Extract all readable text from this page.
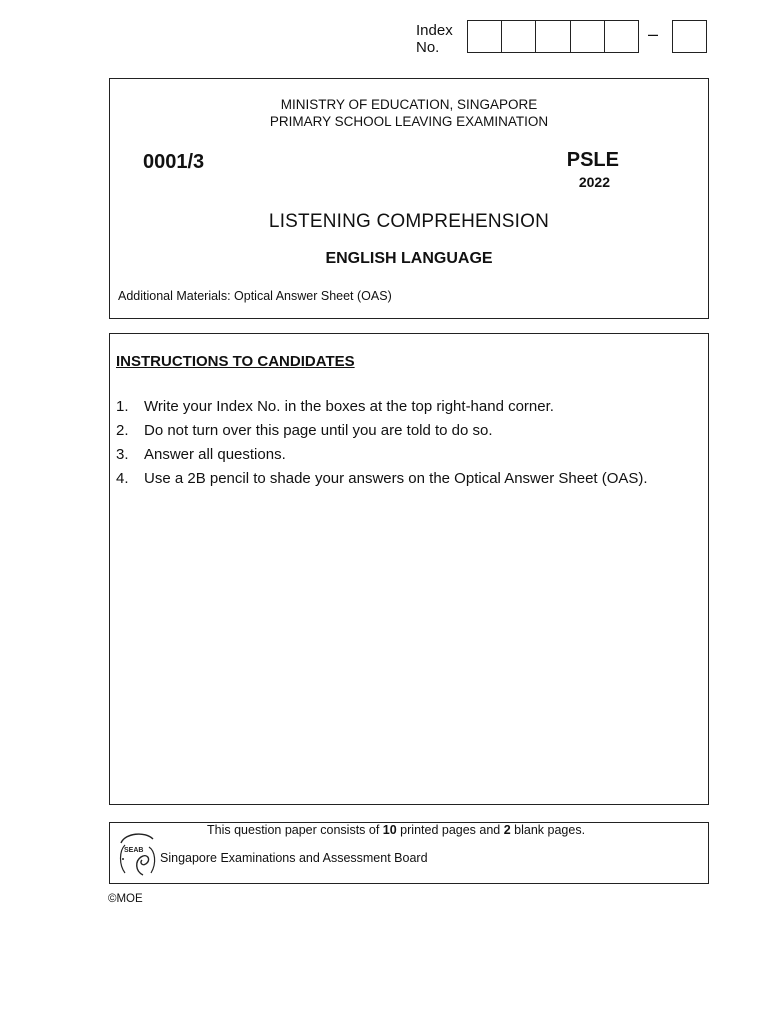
Index
No.
–
MINISTRY OF EDUCATION, SINGAPORE
PRIMARY SCHOOL LEAVING EXAMINATION
0001/3	PSLE
2022
LISTENING COMPREHENSION
ENGLISH LANGUAGE
Additional Materials: Optical Answer Sheet (OAS)
INSTRUCTIONS TO CANDIDATES
1.	Write your Index No. in the boxes at the top right-hand corner.
2.	Do not turn over this page until you are told to do so.
3.	Answer all questions.
4.	Use a 2B pencil to shade your answers on the Optical Answer Sheet (OAS).
This question paper consists of 10 printed pages and 2 blank pages.
SEAB
Singapore Examinations and Assessment Board
©MOE
